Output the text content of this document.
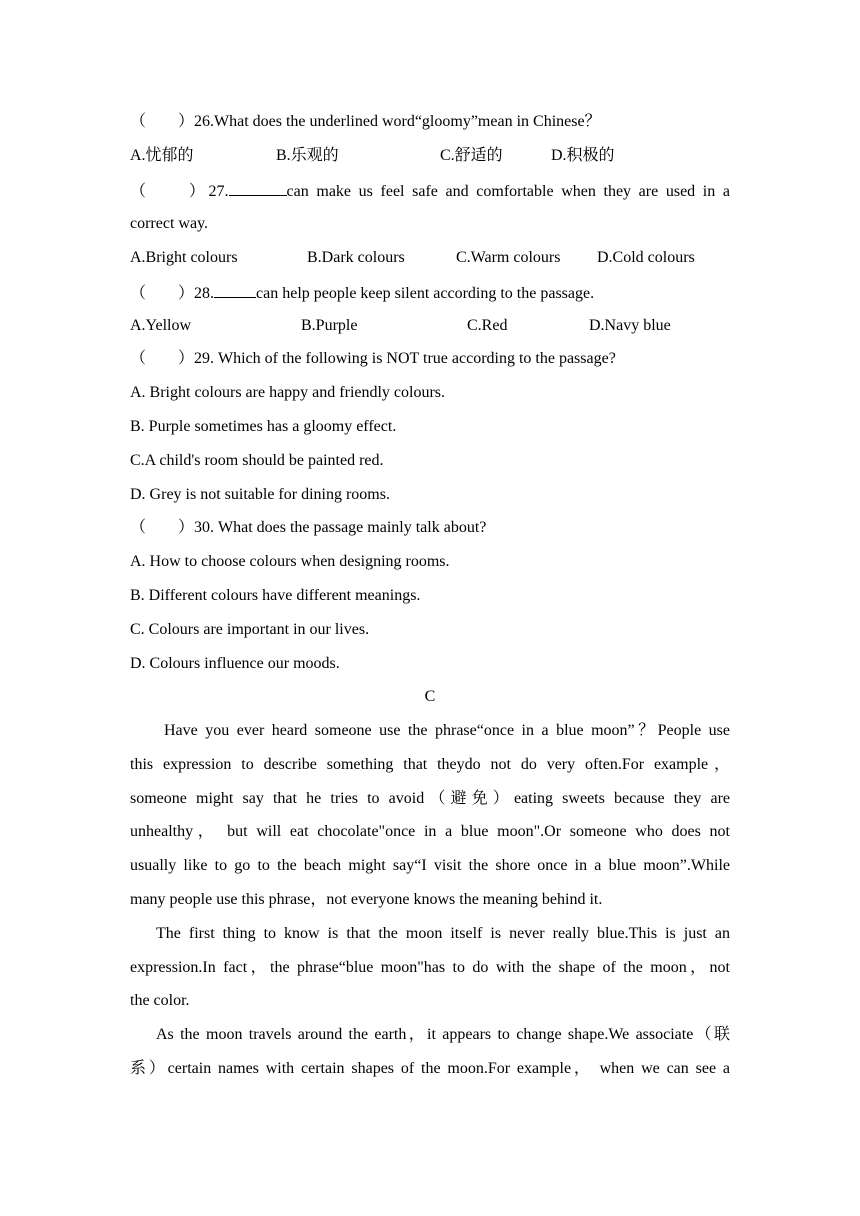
（　　）26.What does the underlined word“gloomy”mean in Chinese？
A.忧郁的	B.乐观的	C.舒适的	D.积极的
（　　）27.	can make us feel safe and comfortable when they are used in a
correct way.
A.Bright colours	B.Dark colours	C.Warm colours D.Cold colours
（　　）28.	can help people keep silent according to the passage.
A.Yellow	B.Purple	C.Red	D.Navy blue
（　　）29. Which of the following is NOT true according to the passage?
A. Bright colours are happy and friendly colours.
B. Purple sometimes has a gloomy effect.
C.A child's room should be painted red.
D. Grey is not suitable for dining rooms.
（　　）30. What does the passage mainly talk about?
A. How to choose colours when designing rooms.
B. Different colours have different meanings.
C. Colours are important in our lives.
D. Colours influence our moods.
C
Have you ever heard someone use the phrase“once in a blue moon”？People use
this expression to describe something that theydo not do very often.For example，
someone might say that he tries to avoid（避免）eating sweets because they are
unhealthy， but will eat chocolate"once in a blue moon".Or someone who does not
usually like to go to the beach might say“I visit the shore once in a blue moon”.While
many people use this phrase，not everyone knows the meaning behind it.
The first thing to know is that the moon itself is never really blue.This is just an
expression.In fact，the phrase“blue moon"has to do with the shape of the moon，not
the color.
As the moon travels around the earth，it appears to change shape.We associate（联
系）certain names with certain shapes of the moon.For example， when we can see a
